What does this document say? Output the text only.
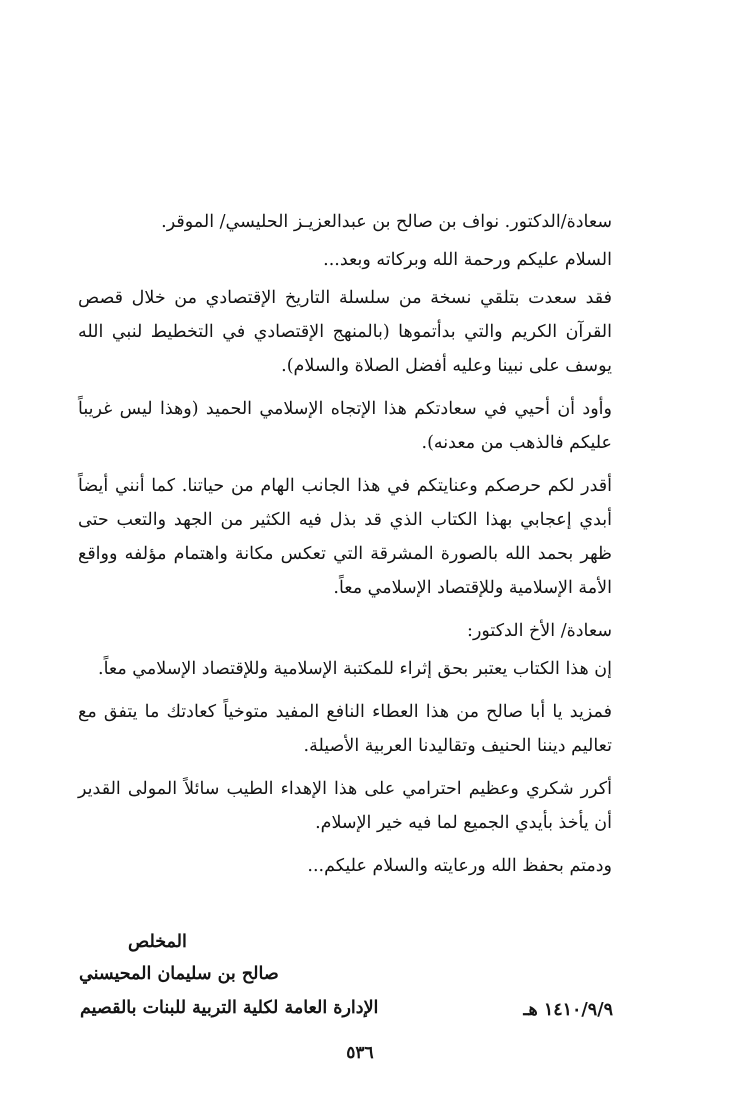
سعادة/الدكتور. نواف بن صالح بن عبدالعزيـز الحليسي/ الموقر.

السلام عليكم ورحمة الله وبركاته وبعد...

فقد سعدت بتلقي نسخة من سلسلة التاريخ الإقتصادي من خلال قصص القرآن الكريم والتي بدأتموها (بالمنهج الإقتصادي في التخطيط لنبي الله يوسف على نبينا وعليه أفضل الصلاة والسلام).

وأود أن أحيي في سعادتكم هذا الإتجاه الإسلامي الحميد (وهذا ليس غريباً عليكم فالذهب من معدنه).

أقدر لكم حرصكم وعنايتكم في هذا الجانب الهام من حياتنا. كما أنني أيضاً أبدي إعجابي بهذا الكتاب الذي قد بذل فيه الكثير من الجهد والتعب حتى ظهر بحمد الله بالصورة المشرقة التي تعكس مكانة واهتمام مؤلفه وواقع الأمة الإسلامية وللإقتصاد الإسلامي معاً.

سعادة/ الأخ الدكتور:

إن هذا الكتاب يعتبر بحق إثراء للمكتبة الإسلامية وللإقتصاد الإسلامي معاً.

فمزيد يا أبا صالح من هذا العطاء النافع المفيد متوخياً كعادتك ما يتفق مع تعاليم ديننا الحنيف وتقاليدنا العربية الأصيلة.

أكرر شكري وعظيم احترامي على هذا الإهداء الطيب سائلاً المولى القدير أن يأخذ بأيدي الجميع لما فيه خير الإسلام.

ودمتم بحفظ الله ورعايته والسلام عليكم...

المخلص
صالح بن سليمان المحيسني
الإدارة العامة لكلية التربية للبنات بالقصيم	١٤١٠/٩/٩ هـ
٥٣٦
